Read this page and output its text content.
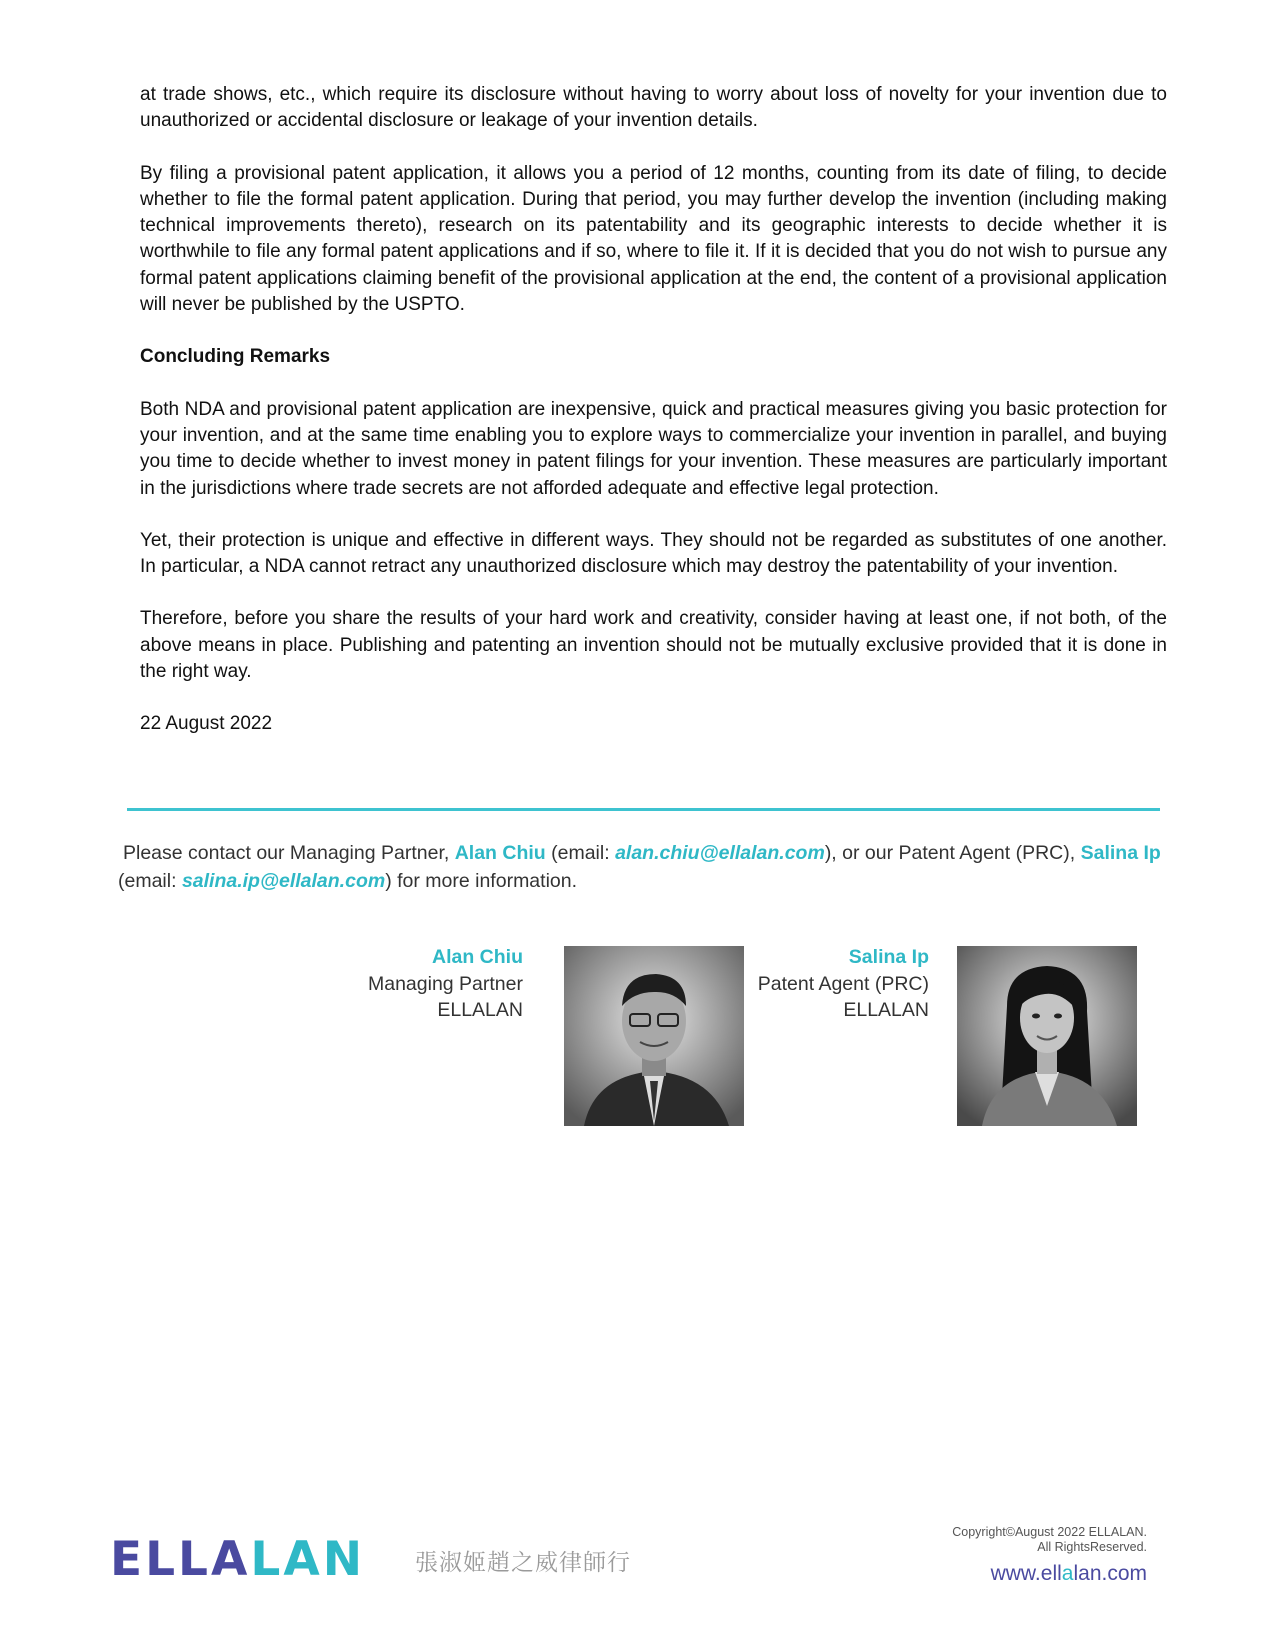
at trade shows, etc., which require its disclosure without having to worry about loss of novelty for your invention due to unauthorized or accidental disclosure or leakage of your invention details.

By filing a provisional patent application, it allows you a period of 12 months, counting from its date of filing, to decide whether to file the formal patent application. During that period, you may further develop the invention (including making technical improvements thereto), research on its patentability and its geographic interests to decide whether it is worthwhile to file any formal patent applications and if so, where to file it. If it is decided that you do not wish to pursue any formal patent applications claiming benefit of the provisional application at the end, the content of a provisional application will never be published by the USPTO.

Concluding Remarks

Both NDA and provisional patent application are inexpensive, quick and practical measures giving you basic protection for your invention, and at the same time enabling you to explore ways to commercialize your invention in parallel, and buying you time to decide whether to invest money in patent filings for your invention. These measures are particularly important in the jurisdictions where trade secrets are not afforded adequate and effective legal protection.

Yet, their protection is unique and effective in different ways. They should not be regarded as substitutes of one another. In particular, a NDA cannot retract any unauthorized disclosure which may destroy the patentability of your invention.

Therefore, before you share the results of your hard work and creativity, consider having at least one, if not both, of the above means in place. Publishing and patenting an invention should not be mutually exclusive provided that it is done in the right way.

22 August 2022

Please contact our Managing Partner, Alan Chiu (email: alan.chiu@ellalan.com), or our Patent Agent (PRC), Salina Ip
(email: salina.ip@ellalan.com) for more information.
Alan Chiu
Managing Partner
ELLALAN
Salina Ip
Patent Agent (PRC)
ELLALAN
ELLALAN 張淑姬趙之威律師行
Copyright©August 2022 ELLALAN.
All RightsReserved.
www.ellalan.com
